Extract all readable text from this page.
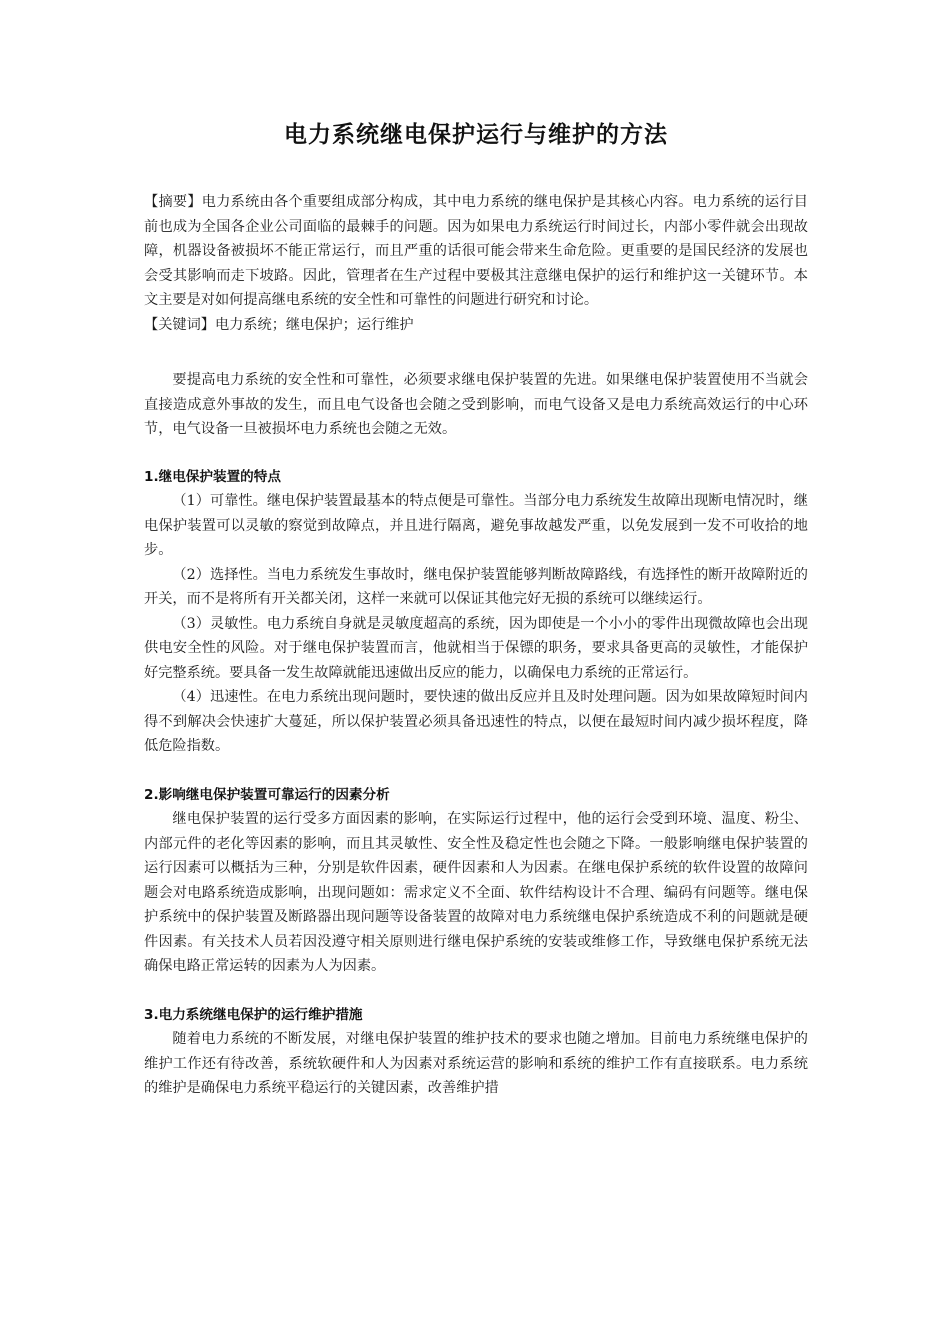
电力系统继电保护运行与维护的方法

【摘要】电力系统由各个重要组成部分构成，其中电力系统的继电保护是其核心内容。电力系统的运行目前也成为全国各企业公司面临的最棘手的问题。因为如果电力系统运行时间过长，内部小零件就会出现故障，机器设备被损坏不能正常运行，而且严重的话很可能会带来生命危险。更重要的是国民经济的发展也会受其影响而走下坡路。因此，管理者在生产过程中要极其注意继电保护的运行和维护这一关键环节。本文主要是对如何提高继电系统的安全性和可靠性的问题进行研究和讨论。

【关键词】电力系统；继电保护；运行维护

要提高电力系统的安全性和可靠性，必须要求继电保护装置的先进。如果继电保护装置使用不当就会直接造成意外事故的发生，而且电气设备也会随之受到影响，而电气设备又是电力系统高效运行的中心环节，电气设备一旦被损坏电力系统也会随之无效。

1.继电保护装置的特点

（1）可靠性。继电保护装置最基本的特点便是可靠性。当部分电力系统发生故障出现断电情况时，继电保护装置可以灵敏的察觉到故障点，并且进行隔离，避免事故越发严重，以免发展到一发不可收拾的地步。

（2）选择性。当电力系统发生事故时，继电保护装置能够判断故障路线，有选择性的断开故障附近的开关，而不是将所有开关都关闭，这样一来就可以保证其他完好无损的系统可以继续运行。

（3）灵敏性。电力系统自身就是灵敏度超高的系统，因为即使是一个小小的零件出现微故障也会出现供电安全性的风险。对于继电保护装置而言，他就相当于保镖的职务，要求具备更高的灵敏性，才能保护好完整系统。要具备一发生故障就能迅速做出反应的能力，以确保电力系统的正常运行。

（4）迅速性。在电力系统出现问题时，要快速的做出反应并且及时处理问题。因为如果故障短时间内得不到解决会快速扩大蔓延，所以保护装置必须具备迅速性的特点，以便在最短时间内减少损坏程度，降低危险指数。

2.影响继电保护装置可靠运行的因素分析

继电保护装置的运行受多方面因素的影响，在实际运行过程中，他的运行会受到环境、温度、粉尘、内部元件的老化等因素的影响，而且其灵敏性、安全性及稳定性也会随之下降。一般影响继电保护装置的运行因素可以概括为三种，分别是软件因素，硬件因素和人为因素。在继电保护系统的软件设置的故障问题会对电路系统造成影响，出现问题如：需求定义不全面、软件结构设计不合理、编码有问题等。继电保护系统中的保护装置及断路器出现问题等设备装置的故障对电力系统继电保护系统造成不利的问题就是硬件因素。有关技术人员若因没遵守相关原则进行继电保护系统的安装或维修工作，导致继电保护系统无法确保电路正常运转的因素为人为因素。

3.电力系统继电保护的运行维护措施

随着电力系统的不断发展，对继电保护装置的维护技术的要求也随之增加。目前电力系统继电保护的维护工作还有待改善，系统软硬件和人为因素对系统运营的影响和系统的维护工作有直接联系。电力系统的维护是确保电力系统平稳运行的关键因素，改善维护措
